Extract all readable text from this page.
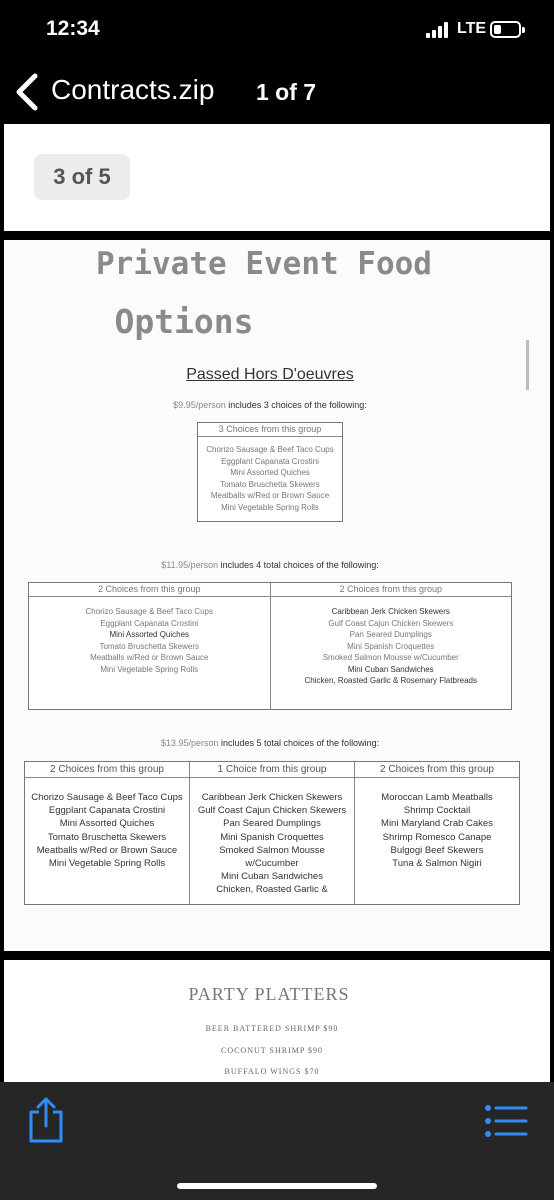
12:34	LTE
Contracts.zip 1 of 7
3 of 5
Private Event Food
Options
Passed Hors D'oeuvres
$9.95/person includes 3 choices of the following:
3 Choices from this group
Chorizo Sausage & Beef Taco Cups
Eggplant Capanata Crostini
Mini Assorted Quiches
Tomato Bruschetta Skewers
Meatballs w/Red or Brown Sauce
Mini Vegetable Spring Rolls
$11.95/person includes 4 total choices of the following:
2 Choices from this group
Chorizo Sausage & Beef Taco Cups
Eggplant Capanata Crostini
Mini Assorted Quiches
Tomato Bruschetta Skewers
Meatballs w/Red or Brown Sauce
Mini Vegetable Spring Rolls
2 Choices from this group
Caribbean Jerk Chicken Skewers
Gulf Coast Cajun Chicken Skewers
Pan Seared Dumplings
Mini Spanish Croquettes
Smoked Salmon Mousse w/Cucumber
Mini Cuban Sandwiches
Chicken, Roasted Garlic & Rosemary Flatbreads
$13.95/person includes 5 total choices of the following:
2 Choices from this group
Chorizo Sausage & Beef Taco Cups
Eggplant Capanata Crostini
Mini Assorted Quiches
Tomato Bruschetta Skewers
Meatballs w/Red or Brown Sauce
Mini Vegetable Spring Rolls
1 Choice from this group
Caribbean Jerk Chicken Skewers
Gulf Coast Cajun Chicken Skewers
Pan Seared Dumplings
Mini Spanish Croquettes
Smoked Salmon Mousse
w/Cucumber
Mini Cuban Sandwiches
Chicken, Roasted Garlic &
2 Choices from this group
Moroccan Lamb Meatballs
Shrimp Cocktail
Mini Maryland Crab Cakes
Shrimp Romesco Canape
Bulgogi Beef Skewers
Tuna & Salmon Nigiri
PARTY PLATTERS
BEER BATTERED SHRIMP $90
COCONUT SHRIMP $90
BUFFALO WINGS $70
